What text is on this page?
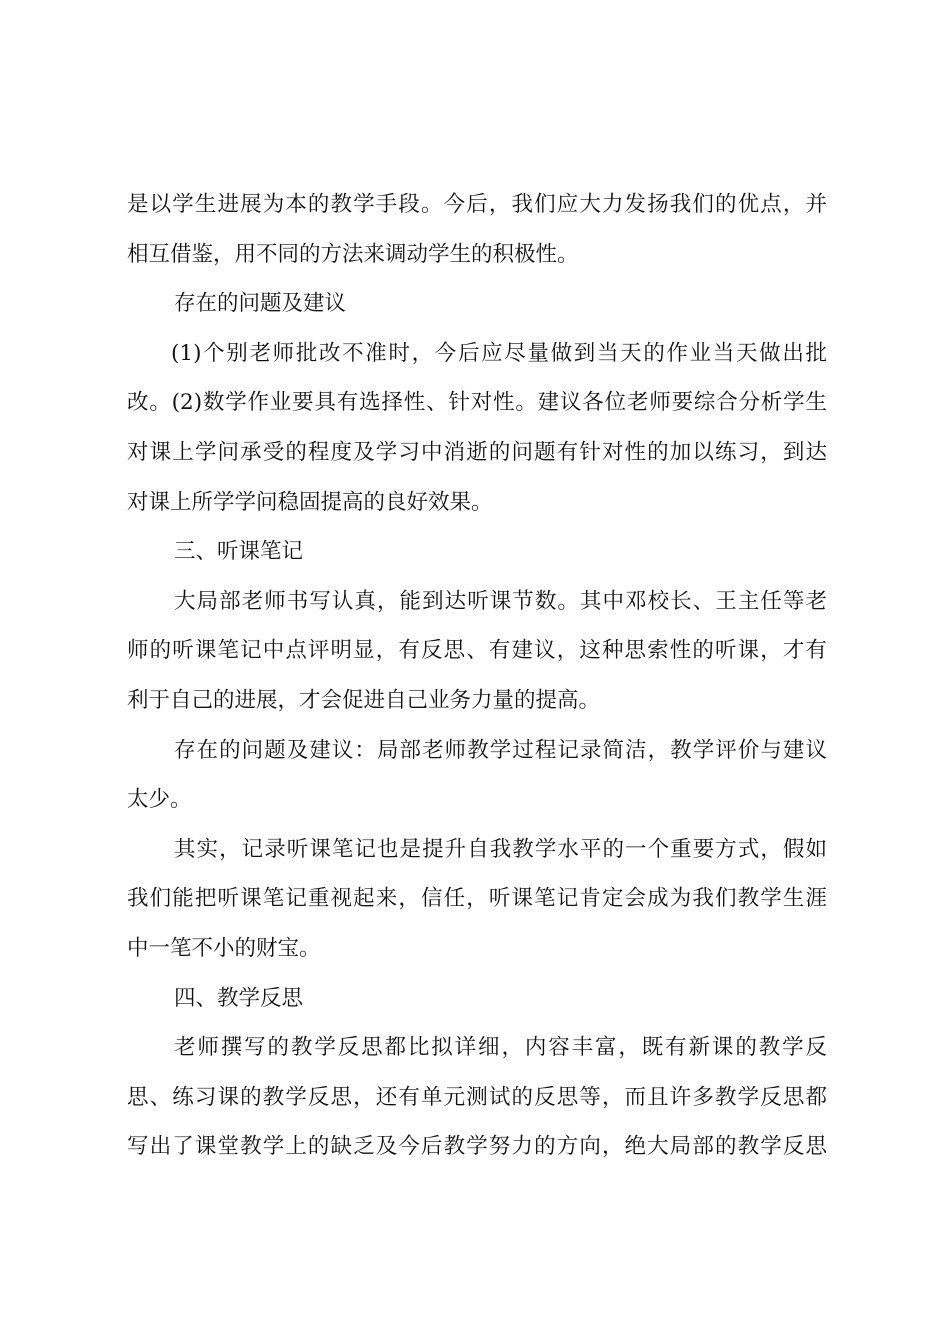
是以学生进展为本的教学手段。今后，我们应大力发扬我们的优点，并
相互借鉴，用不同的方法来调动学生的积极性。
存在的问题及建议
(1)个别老师批改不准时，今后应尽量做到当天的作业当天做出批
改。(2)数学作业要具有选择性、针对性。建议各位老师要综合分析学生
对课上学问承受的程度及学习中消逝的问题有针对性的加以练习，到达
对课上所学学问稳固提高的良好效果。
三、听课笔记
大局部老师书写认真，能到达听课节数。其中邓校长、王主任等老
师的听课笔记中点评明显，有反思、有建议，这种思索性的听课，才有
利于自己的进展，才会促进自己业务力量的提高。
存在的问题及建议：局部老师教学过程记录简洁，教学评价与建议
太少。
其实，记录听课笔记也是提升自我教学水平的一个重要方式，假如
我们能把听课笔记重视起来，信任，听课笔记肯定会成为我们教学生涯
中一笔不小的财宝。
四、教学反思
老师撰写的教学反思都比拟详细，内容丰富，既有新课的教学反
思、练习课的教学反思，还有单元测试的反思等，而且许多教学反思都
写出了课堂教学上的缺乏及今后教学努力的方向，绝大局部的教学反思
